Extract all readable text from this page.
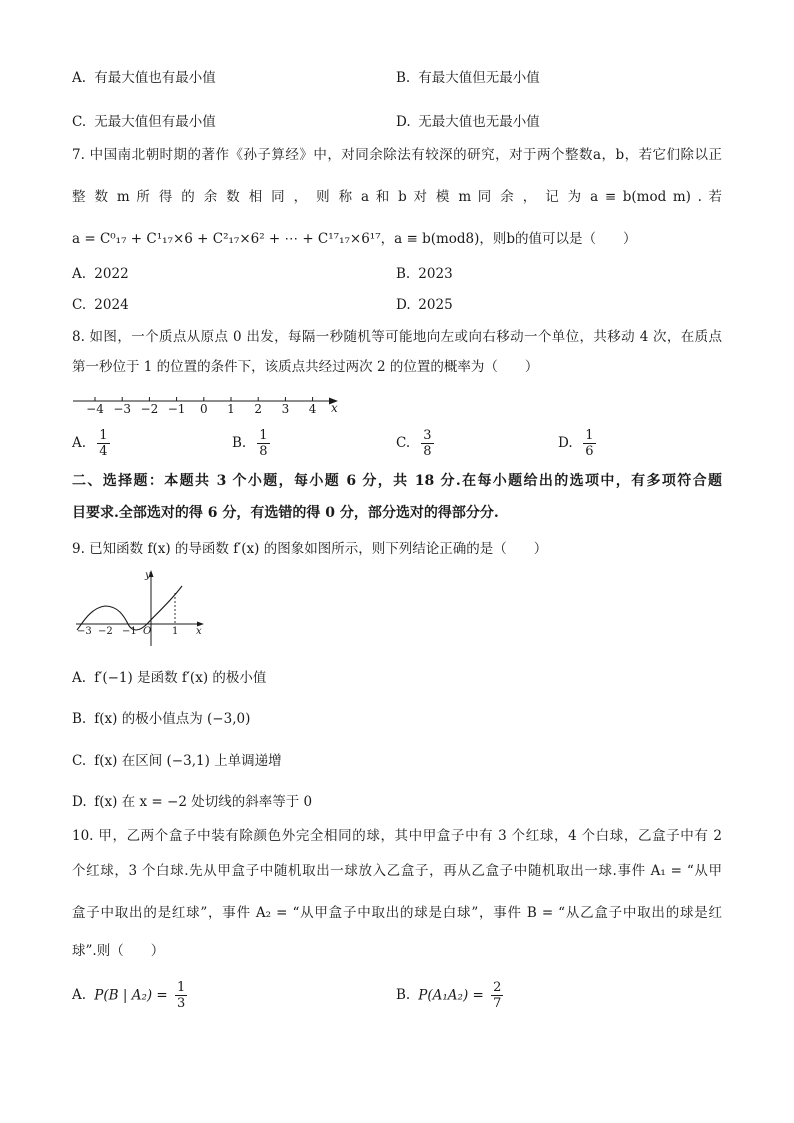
A. 有最大值也有最小值	B. 有最大值但无最小值
C. 无最大值但有最小值	D. 无最大值也无最小值
7. 中国南北朝时期的著作《孙子算经》中，对同余除法有较深的研究，对于两个整数a，b，若它们除以正
整 数 m 所 得 的 余 数 相 同 ， 则 称 a 和 b 对 模 m 同 余 ， 记 为 a ≡ b(mod m) . 若
a = C⁰₁₇ + C¹₁₇×6 + C²₁₇×6² + ⋯ + C¹⁷₁₇×6¹⁷，a ≡ b(mod8)，则b的值可以是（　　）
A. 2022	B. 2023
C. 2024	D. 2025
8. 如图，一个质点从原点 0 出发，每隔一秒随机等可能地向左或向右移动一个单位，共移动 4 次，在质点
第一秒位于 1 的位置的条件下，该质点共经过两次 2 的位置的概率为（　　）
−4 −3 −2 −1 0 1 2 3 4 x
A. $\frac{1}{4}$	B. $\frac{1}{8}$	C. $\frac{3}{8}$	D. $\frac{1}{6}$
二、选择题：本题共 3 个小题，每小题 6 分，共 18 分.在每小题给出的选项中，有多项符合题
目要求.全部选对的得 6 分，有选错的得 0 分，部分选对的得部分分.
9. 已知函数 f(x) 的导函数 f′(x) 的图象如图所示，则下列结论正确的是（　　）
y
x
O
−3 −2 −1	1
A. f′(−1) 是函数 f′(x) 的极小值
B. f(x) 的极小值点为 (−3,0)
C. f(x) 在区间 (−3,1) 上单调递增
D. f(x) 在 x = −2 处切线的斜率等于 0
10. 甲，乙两个盒子中装有除颜色外完全相同的球，其中甲盒子中有 3 个红球，4 个白球，乙盒子中有 2
个红球，3 个白球.先从甲盒子中随机取出一球放入乙盒子，再从乙盒子中随机取出一球.事件 A₁ = “从甲
盒子中取出的是红球”，事件 A₂ = “从甲盒子中取出的球是白球”，事件 B = “从乙盒子中取出的球是红
球”.则（　　）
A. P(B | $A_2) = \frac{1}{3}$	B. $P(A_1A_2) = \frac{2}{7}$
